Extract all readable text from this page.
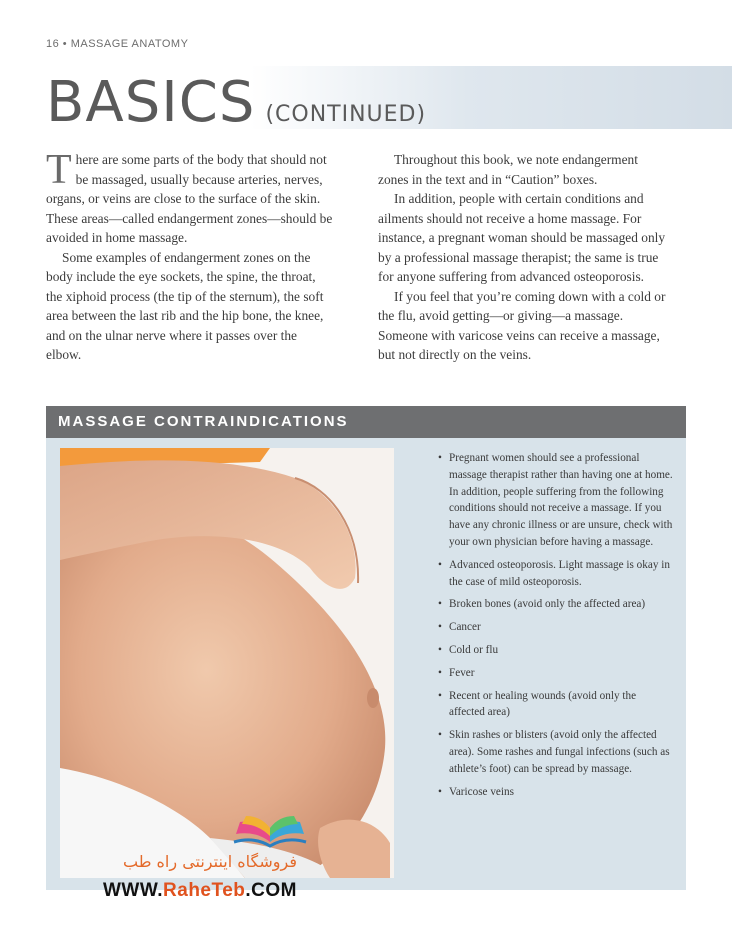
16 • MASSAGE ANATOMY
BASICS (CONTINUED)

There are some parts of the body that should not be massaged, usually because arteries, nerves, organs, or veins are close to the surface of the skin. These areas—called endangerment zones—should be avoided in home massage.

Some examples of endangerment zones on the body include the eye sockets, the spine, the throat, the xiphoid process (the tip of the sternum), the soft area between the last rib and the hip bone, the knee, and on the ulnar nerve where it passes over the elbow.

Throughout this book, we note endangerment zones in the text and in “Caution” boxes.

In addition, people with certain conditions and ailments should not receive a home massage. For instance, a pregnant woman should be massaged only by a professional massage therapist; the same is true for anyone suffering from advanced osteoporosis.

If you feel that you’re coming down with a cold or the flu, avoid getting—or giving—a massage. Someone with varicose veins can receive a massage, but not directly on the veins.

MASSAGE CONTRAINDICATIONS
• Pregnant women should see a professional massage therapist rather than having one at home. In addition, people suffering from the following conditions should not receive a massage. If you have any chronic illness or are unsure, check with your own physician before having a massage.
• Advanced osteoporosis. Light massage is okay in the case of mild osteoporosis.
• Broken bones (avoid only the affected area)
• Cancer
• Cold or flu
• Fever
• Recent or healing wounds (avoid only the affected area)
• Skin rashes or blisters (avoid only the affected area). Some rashes and fungal infections (such as athlete’s foot) can be spread by massage.
• Varicose veins
فروشگاه اینترنتی راه طب
WWW.RaheTeb.COM
